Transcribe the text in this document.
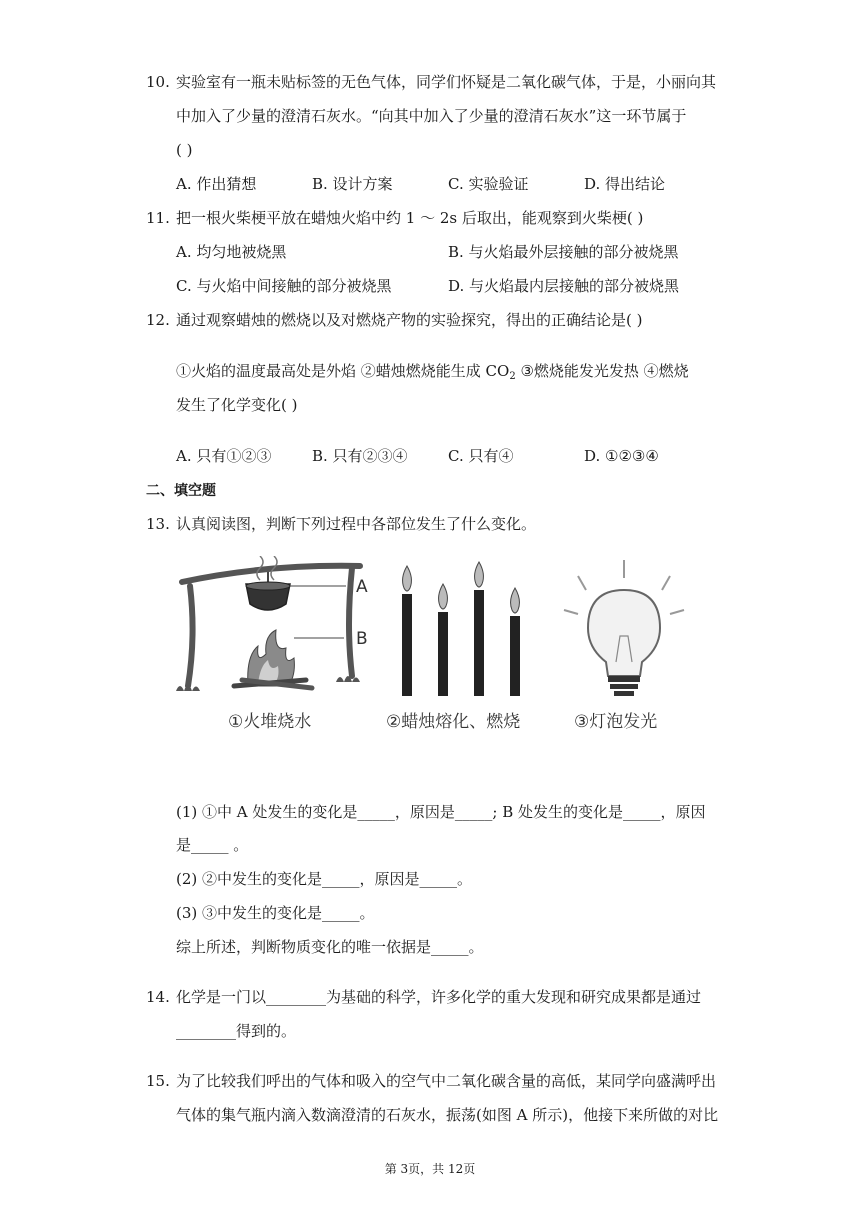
10. 实验室有一瓶未贴标签的无色气体，同学们怀疑是二氧化碳气体，于是，小丽向其
中加入了少量的澄清石灰水。“向其中加入了少量的澄清石灰水”这一环节属于
( )
A. 作出猜想	B. 设计方案	C. 实验验证	D. 得出结论
11. 把一根火柴梗平放在蜡烛火焰中约 1 ～ 2s 后取出，能观察到火柴梗( )
A. 均匀地被烧黑	B. 与火焰最外层接触的部分被烧黑
C. 与火焰中间接触的部分被烧黑	D. 与火焰最内层接触的部分被烧黑
12. 通过观察蜡烛的燃烧以及对燃烧产物的实验探究，得出的正确结论是( )
①火焰的温度最高处是外焰 ②蜡烛燃烧能生成 $CO_2$ ③燃烧能发光发热 ④燃烧
发生了化学变化( )
A. 只有①②③	B. 只有②③④	C. 只有④	D. ①②③④
二、填空题
13. 认真阅读图，判断下列过程中各部位发生了什么变化。
A
B
①火堆烧水	②蜡烛熔化、燃烧	③灯泡发光
(1) ①中 A 处发生的变化是_____，原因是_____; B 处发生的变化是_____，原因
是_____ 。
(2) ②中发生的变化是_____，原因是_____。
(3) ③中发生的变化是_____。
综上所述，判断物质变化的唯一依据是_____。
14. 化学是一门以________为基础的科学，许多化学的重大发现和研究成果都是通过
________得到的。
15. 为了比较我们呼出的气体和吸入的空气中二氧化碳含量的高低，某同学向盛满呼出
气体的集气瓶内滴入数滴澄清的石灰水，振荡(如图 A 所示)，他接下来所做的对比
第 3页，共 12页
